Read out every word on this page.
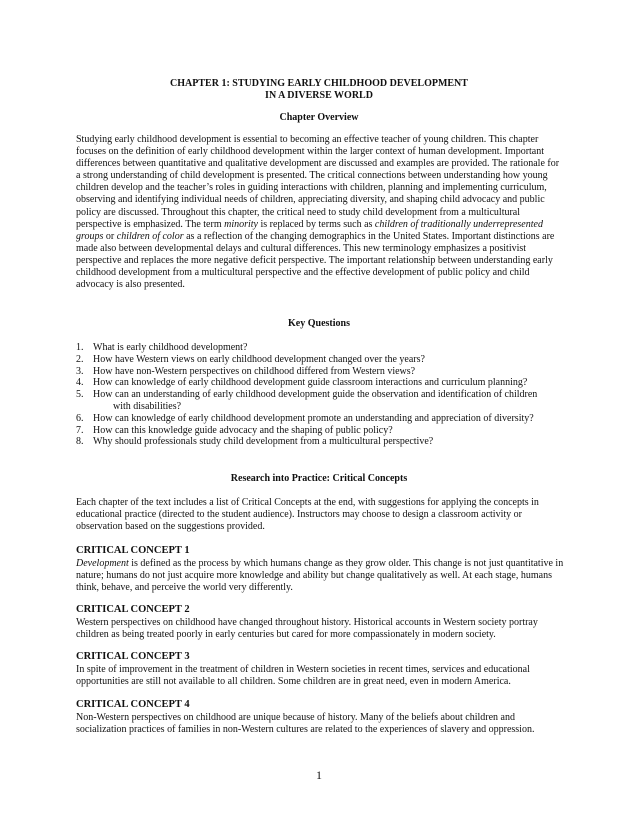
CHAPTER 1: STUDYING EARLY CHILDHOOD DEVELOPMENT
IN A DIVERSE WORLD
Chapter Overview

Studying early childhood development is essential to becoming an effective teacher of young children. This chapter focuses on the definition of early childhood development within the larger context of human development. Important differences between quantitative and qualitative development are discussed and examples are provided. The rationale for a strong understanding of child development is presented. The critical connections between understanding how young children develop and the teacher’s roles in guiding interactions with children, planning and implementing curriculum, observing and identifying individual needs of children, appreciating diversity, and shaping child advocacy and public policy are discussed. Throughout this chapter, the critical need to study child development from a multicultural perspective is emphasized. The term minority is replaced by terms such as children of traditionally underrepresented groups or children of color as a reflection of the changing demographics in the United States. Important distinctions are made also between developmental delays and cultural differences. This new terminology emphasizes a positivist perspective and replaces the more negative deficit perspective. The important relationship between understanding early childhood development from a multicultural perspective and the effective development of public policy and child advocacy is also presented.

Key Questions
1. What is early childhood development?
2. How have Western views on early childhood development changed over the years?
3. How have non-Western perspectives on childhood differed from Western views?
4. How can knowledge of early childhood development guide classroom interactions and curriculum planning?
5. How can an understanding of early childhood development guide the observation and identification of children
with disabilities?
6. How can knowledge of early childhood development promote an understanding and appreciation of diversity?
7. How can this knowledge guide advocacy and the shaping of public policy?
8. Why should professionals study child development from a multicultural perspective?
Research into Practice: Critical Concepts

Each chapter of the text includes a list of Critical Concepts at the end, with suggestions for applying the concepts in educational practice (directed to the student audience). Instructors may choose to design a classroom activity or observation based on the suggestions provided.

CRITICAL CONCEPT 1

Development is defined as the process by which humans change as they grow older. This change is not just quantitative in nature; humans do not just acquire more knowledge and ability but change qualitatively as well. At each stage, humans think, behave, and perceive the world very differently.

CRITICAL CONCEPT 2

Western perspectives on childhood have changed throughout history. Historical accounts in Western society portray children as being treated poorly in early centuries but cared for more compassionately in modern society.

CRITICAL CONCEPT 3

In spite of improvement in the treatment of children in Western societies in recent times, services and educational opportunities are still not available to all children. Some children are in great need, even in modern America.

CRITICAL CONCEPT 4

Non-Western perspectives on childhood are unique because of history. Many of the beliefs about children and socialization practices of families in non-Western cultures are related to the experiences of slavery and oppression.

1
